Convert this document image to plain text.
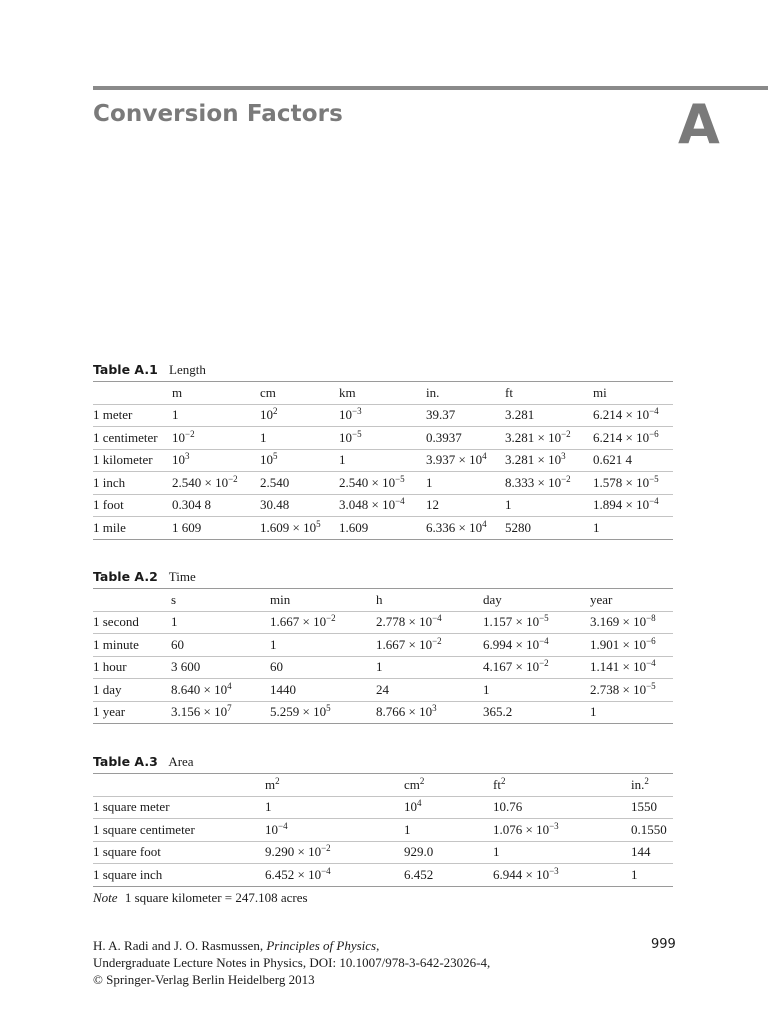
Conversion Factors	A
Table A.1 Length
	m	cm	km	in.	ft	mi
1 meter	1	$10^2$	$10^{-3}$	39.37	3.281	$6.214 \times 10^{-4}$
1 centimeter	$10^{-2}$	1	$10^{-5}$	0.3937	$3.281 \times 10^{-2}$	$6.214 \times 10^{-6}$
1 kilometer	$10^3$	$10^5$	1	$3.937 \times 10^4$	$3.281 \times 10^3$	0.621 4
1 inch	$2.540 \times 10^{-2}$	2.540	$2.540 \times 10^{-5}$	1	$8.333 \times 10^{-2}$	$1.578 \times 10^{-5}$
1 foot	0.304 8	30.48	$3.048 \times 10^{-4}$	12	1	$1.894 \times 10^{-4}$
1 mile	1 609	$1.609 \times 10^5$	1.609	$6.336 \times 10^4$	5280	1
Table A.2 Time
	s	min	h	day	year
1 second	1	$1.667 \times 10^{-2}$	$2.778 \times 10^{-4}$	$1.157 \times 10^{-5}$	$3.169 \times 10^{-8}$
1 minute	60	1	$1.667 \times 10^{-2}$	$6.994 \times 10^{-4}$	$1.901 \times 10^{-6}$
1 hour	3 600	60	1	$4.167 \times 10^{-2}$	$1.141 \times 10^{-4}$
1 day	$8.640 \times 10^4$	1440	24	1	$2.738 \times 10^{-5}$
1 year	$3.156 \times 10^7$	$5.259 \times 10^5$	$8.766 \times 10^3$	365.2	1
Table A.3 Area
	$m^2$	$cm^2$	$ft^2$	in.$^2$
1 square meter	1	$10^4$	10.76	1550
1 square centimeter	$10^{-4}$	1	$1.076 \times 10^{-3}$	0.1550
1 square foot	$9.290 \times 10^{-2}$	929.0	1	144
1 square inch	$6.452 \times 10^{-4}$	6.452	$6.944 \times 10^{-3}$	1
Note 1 square kilometer = 247.108 acres
H. A. Radi and J. O. Rasmussen, Principles of Physics,
Undergraduate Lecture Notes in Physics, DOI: 10.1007/978-3-642-23026-4,
© Springer-Verlag Berlin Heidelberg 2013
999
